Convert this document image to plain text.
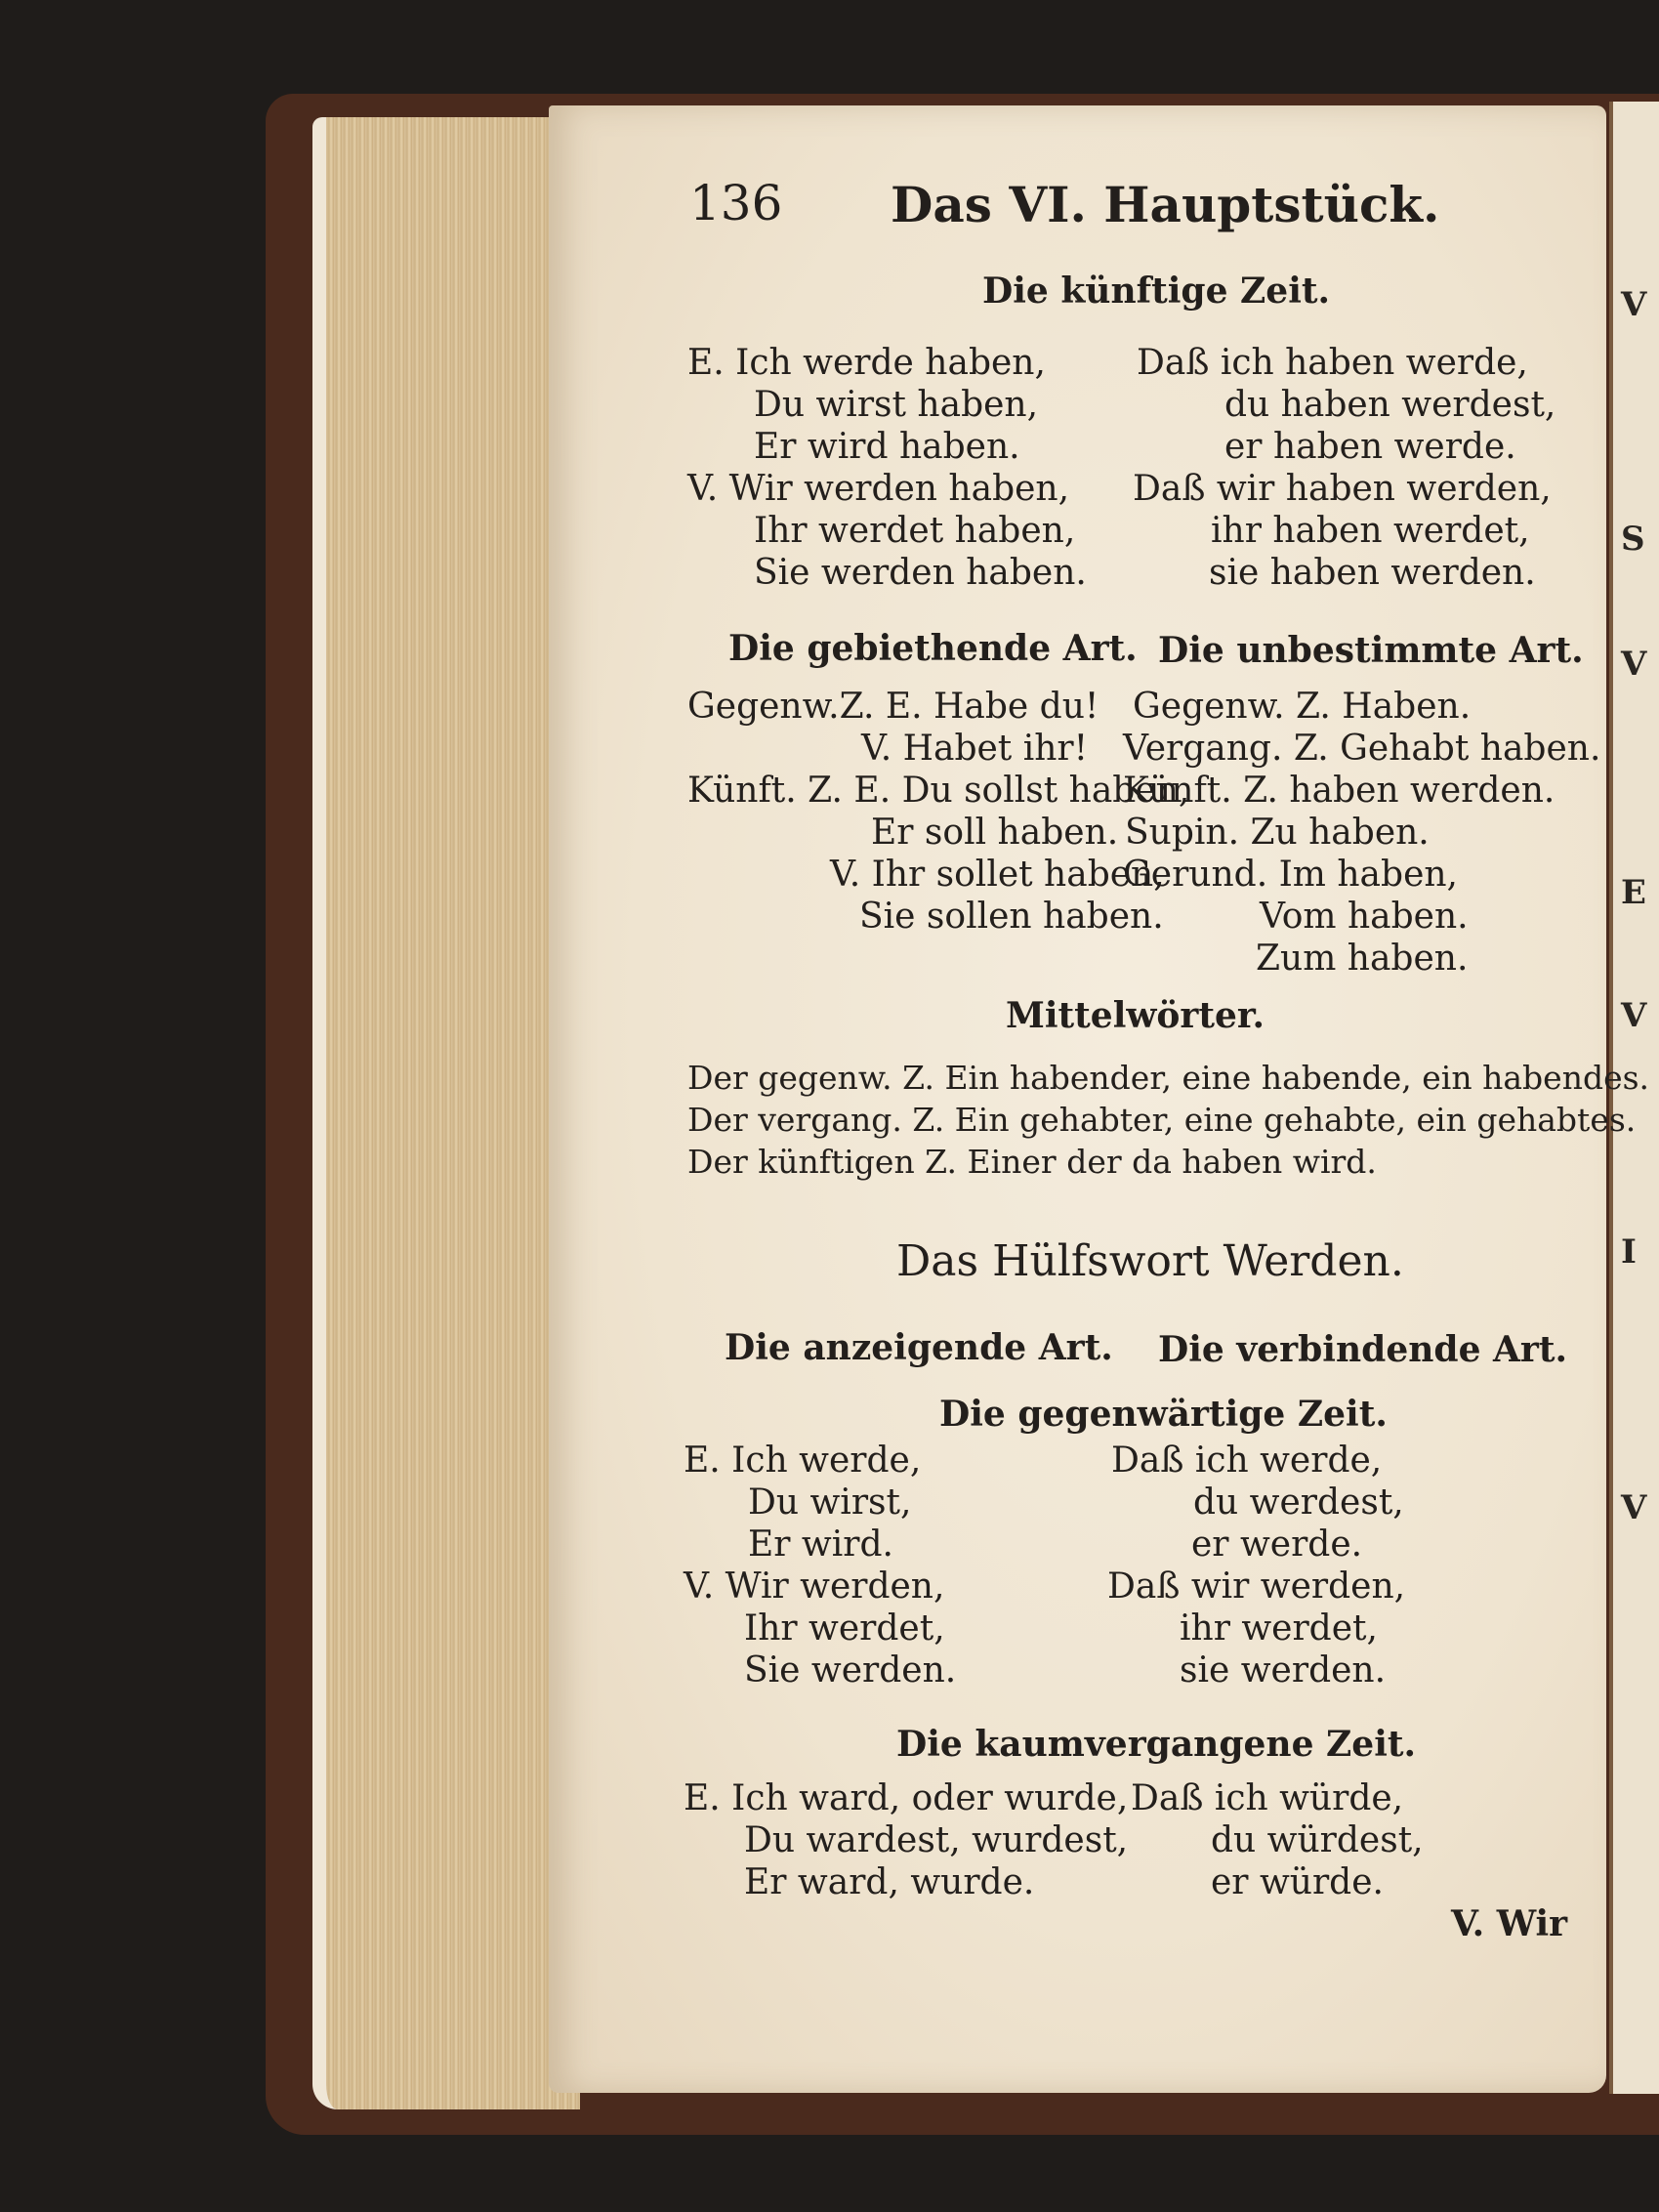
V
S
V
E
V
I
V
136 Das VI. Hauptstück.
Die künftige Zeit.
E. Ich werde haben,
Du wirst haben,
Er wird haben.
V. Wir werden haben,
Ihr werdet haben,
Sie werden haben.
Daß ich haben werde,
du haben werdest,
er haben werde.
Daß wir haben werden,
ihr haben werdet,
sie haben werden.
Die gebiethende Art. Die unbestimmte Art.
Gegenw.Z. E. Habe du!
V. Habet ihr!
Künft. Z. E. Du sollst haben,
Er soll haben.
V. Ihr sollet haben,
Sie sollen haben.
Gegenw. Z. Haben.
Vergang. Z. Gehabt haben.
Künft. Z. haben werden.
Supin. Zu haben.
Gerund. Im haben,
Vom haben.
Zum haben.
Mittelwörter.
Der gegenw. Z. Ein habender, eine habende, ein habendes.
Der vergang. Z. Ein gehabter, eine gehabte, ein gehabtes.
Der künftigen Z. Einer der da haben wird.
Das Hülfswort Werden.
Die anzeigende Art. Die verbindende Art.
Die gegenwärtige Zeit.
E. Ich werde,
Du wirst,
Er wird.
V. Wir werden,
Ihr werdet,
Sie werden.
Daß ich werde,
du werdest,
er werde.
Daß wir werden,
ihr werdet,
sie werden.
Die kaumvergangene Zeit.
E. Ich ward, oder wurde,
Du wardest, wurdest,
Er ward, wurde.
Daß ich würde,
du würdest,
er würde.
V. Wir
